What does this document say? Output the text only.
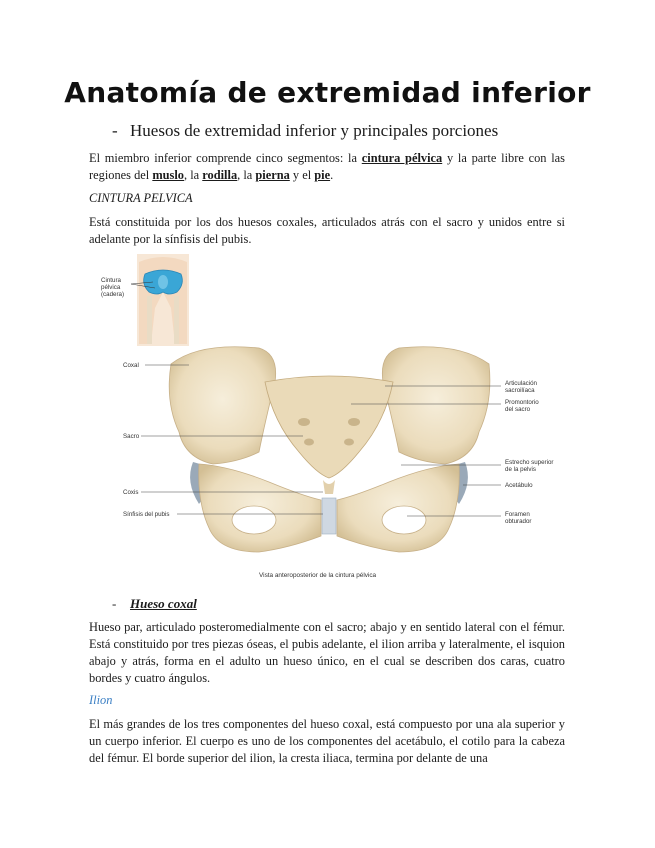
Anatomía de extremidad inferior
- Huesos de extremidad inferior y principales porciones
El miembro inferior comprende cinco segmentos: la cintura pélvica y la parte libre con las regiones del muslo, la rodilla, la pierna y el pie.
CINTURA PELVICA
Está constituida por los dos huesos coxales, articulados atrás con el sacro y unidos entre si adelante por la sínfisis del pubis.
Cintura
pélvica
(cadera)
Coxal
Sacro
Coxis
Sínfisis del pubis
Articulación
sacroilíaca
Promontorio
del sacro
Estrecho superior
de la pelvis
Acetábulo
Foramen
obturador
Vista anteroposterior de la cintura pélvica
- Hueso coxal
Hueso par, articulado posteromedialmente con el sacro; abajo y en sentido lateral con el fémur. Está constituido por tres piezas óseas, el pubis adelante, el ilion arriba y lateralmente, el isquion abajo y atrás, forma en el adulto un hueso único, en el cual se describen dos caras, cuatro bordes y cuatro ángulos.
Ilion
El más grandes de los tres componentes del hueso coxal, está compuesto por una ala superior y un cuerpo inferior. El cuerpo es uno de los componentes del acetábulo, el cotilo para la cabeza del fémur. El borde superior del ilion, la cresta iliaca, termina por delante de una
